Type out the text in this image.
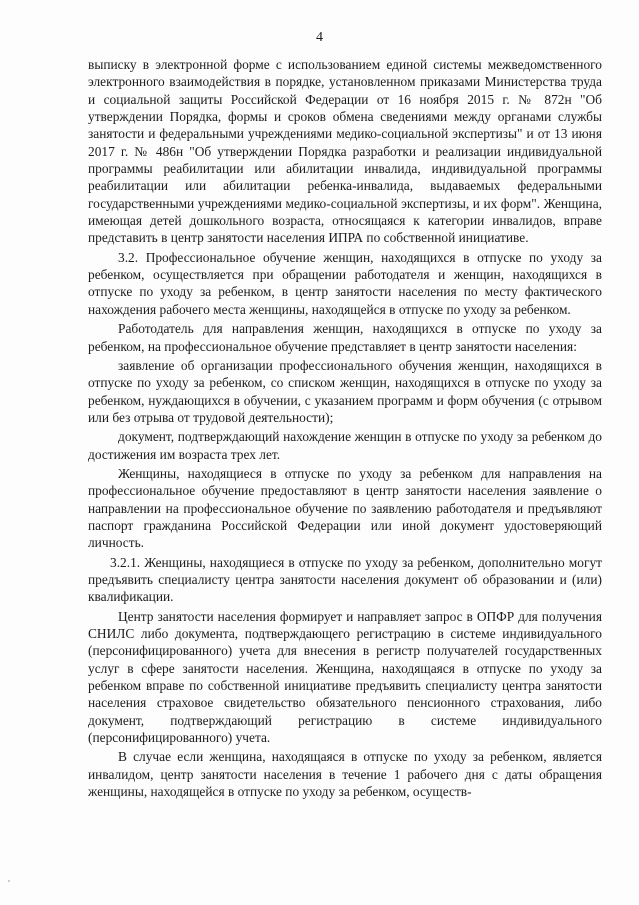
4

выписку в электронной форме с использованием единой системы межведомственного электронного взаимодействия в порядке, установленном приказами Министерства труда и социальной защиты Российской Федерации от 16 ноября 2015 г. № 872н "Об утверждении Порядка, формы и сроков обмена сведениями между органами службы занятости и федеральными учреждениями медико-социальной экспертизы" и от 13 июня 2017 г. № 486н "Об утверждении Порядка разработки и реализации индивидуальной программы реабилитации или абилитации инвалида, индивидуальной программы реабилитации или абилитации ребенка-инвалида, выдаваемых федеральными государственными учреждениями медико-социальной экспертизы, и их форм". Женщина, имеющая детей дошкольного возраста, относящаяся к категории инвалидов, вправе представить в центр занятости населения ИПРА по собственной инициативе.

3.2. Профессиональное обучение женщин, находящихся в отпуске по уходу за ребенком, осуществляется при обращении работодателя и женщин, находящихся в отпуске по уходу за ребенком, в центр занятости населения по месту фактического нахождения рабочего места женщины, находящейся в отпуске по уходу за ребенком.

Работодатель для направления женщин, находящихся в отпуске по уходу за ребенком, на профессиональное обучение представляет в центр занятости населения:

заявление об организации профессионального обучения женщин, находящихся в отпуске по уходу за ребенком, со списком женщин, находящихся в отпуске по уходу за ребенком, нуждающихся в обучении, с указанием программ и форм обучения (с отрывом или без отрыва от трудовой деятельности);

документ, подтверждающий нахождение женщин в отпуске по уходу за ребенком до достижения им возраста трех лет.

Женщины, находящиеся в отпуске по уходу за ребенком для направления на профессиональное обучение предоставляют в центр занятости населения заявление о направлении на профессиональное обучение по заявлению работодателя и предъявляют паспорт гражданина Российской Федерации или иной документ удостоверяющий личность.

3.2.1. Женщины, находящиеся в отпуске по уходу за ребенком, дополнительно могут предъявить специалисту центра занятости населения документ об образовании и (или) квалификации.

Центр занятости населения формирует и направляет запрос в ОПФР для получения СНИЛС либо документа, подтверждающего регистрацию в системе индивидуального (персонифицированного) учета для внесения в регистр получателей государственных услуг в сфере занятости населения. Женщина, находящаяся в отпуске по уходу за ребенком вправе по собственной инициативе предъявить специалисту центра занятости населения страховое свидетельство обязательного пенсионного страхования, либо документ, подтверждающий регистрацию в системе индивидуального (персонифицированного) учета.

В случае если женщина, находящаяся в отпуске по уходу за ребенком, является инвалидом, центр занятости населения в течение 1 рабочего дня с даты обращения женщины, находящейся в отпуске по уходу за ребенком, осуществ-
